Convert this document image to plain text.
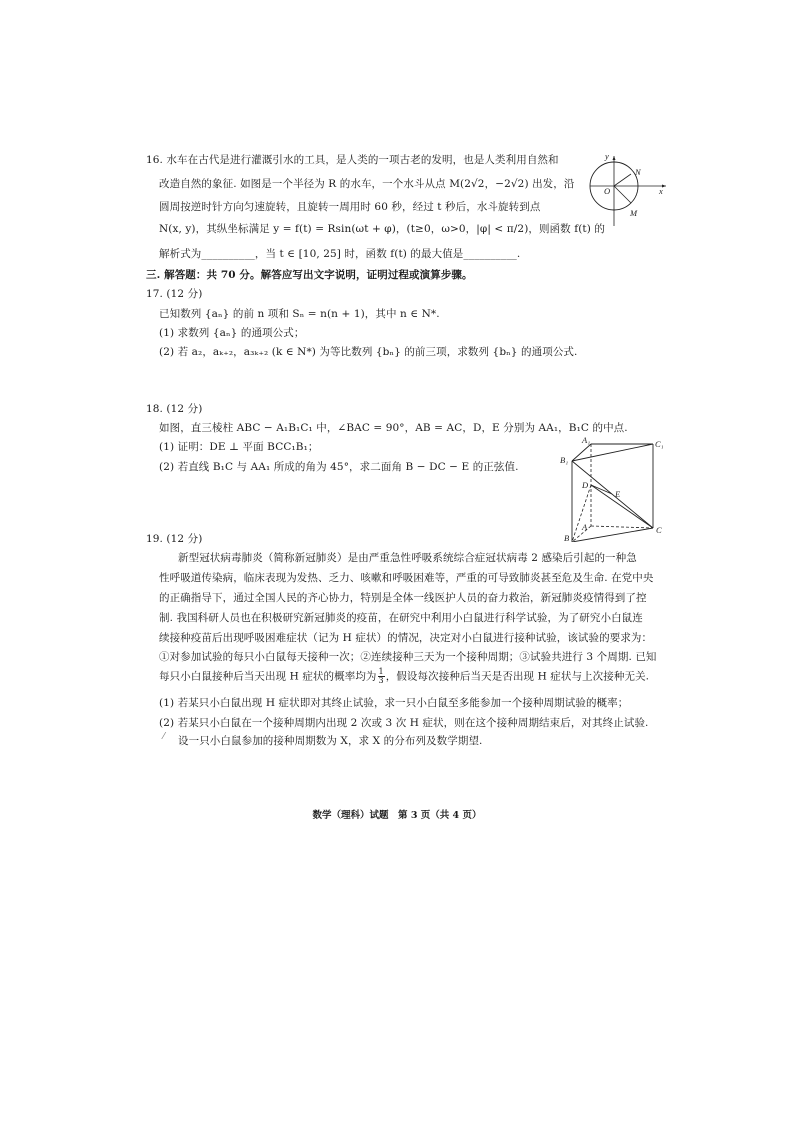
16. 水车在古代是进行灌溉引水的工具，是人类的一项古老的发明，也是人类利用自然和
改造自然的象征. 如图是一个半径为 R 的水车，一个水斗从点 M(2√2，−2√2) 出发，沿
圆周按逆时针方向匀速旋转，且旋转一周用时 60 秒，经过 t 秒后，水斗旋转到点
N(x, y)，其纵坐标满足 y = f(t) = Rsin(ωt + φ)，(t≥0，ω>0，|φ| < π/2)，则函数 f(t) 的
解析式为__________，当 t ∈ [10, 25] 时，函数 f(t) 的最大值是__________.
y
O
N
x
M
三. 解答题：共 70 分。解答应写出文字说明，证明过程或演算步骤。
17. (12 分)
已知数列 {aₙ} 的前 n 项和 Sₙ = n(n + 1)，其中 n ∈ N*.
(1) 求数列 {aₙ} 的通项公式；
(2) 若 a₂，aₖ₊₂，a₃ₖ₊₂ (k ∈ N*) 为等比数列 {bₙ} 的前三项，求数列 {bₙ} 的通项公式.
18. (12 分)
如图，直三棱柱 ABC − A₁B₁C₁ 中，∠BAC = 90°，AB = AC，D，E 分别为 AA₁，B₁C 的中点.
(1) 证明：DE ⊥ 平面 BCC₁B₁；
(2) 若直线 B₁C 与 AA₁ 所成的角为 45°，求二面角 B − DC − E 的正弦值.
A₁	C₁
B₁
D
E
A
B
C
19. (12 分)
新型冠状病毒肺炎（简称新冠肺炎）是由严重急性呼吸系统综合症冠状病毒 2 感染后引起的一种急
性呼吸道传染病，临床表现为发热、乏力、咳嗽和呼吸困难等，严重的可导致肺炎甚至危及生命. 在党中央
的正确指导下，通过全国人民的齐心协力，特别是全体一线医护人员的奋力救治，新冠肺炎疫情得到了控
制. 我国科研人员也在积极研究新冠肺炎的疫苗，在研究中利用小白鼠进行科学试验，为了研究小白鼠连
续接种疫苗后出现呼吸困难症状（记为 H 症状）的情况，决定对小白鼠进行接种试验，该试验的要求为：
①对参加试验的每只小白鼠每天接种一次；②连续接种三天为一个接种周期；③试验共进行 3 个周期. 已知
每只小白鼠接种后当天出现 H 症状的概率均为 $\frac{1}{3}$ ，假设每次接种后当天是否出现 H 症状与上次接种无关.
(1) 若某只小白鼠出现 H 症状即对其终止试验，求一只小白鼠至多能参加一个接种周期试验的概率；
(2) 若某只小白鼠在一个接种周期内出现 2 次或 3 次 H 症状，则在这个接种周期结束后，对其终止试验.
⁄ 设一只小白鼠参加的接种周期数为 X，求 X 的分布列及数学期望.
数学（理科）试题　第 3 页（共 4 页）
